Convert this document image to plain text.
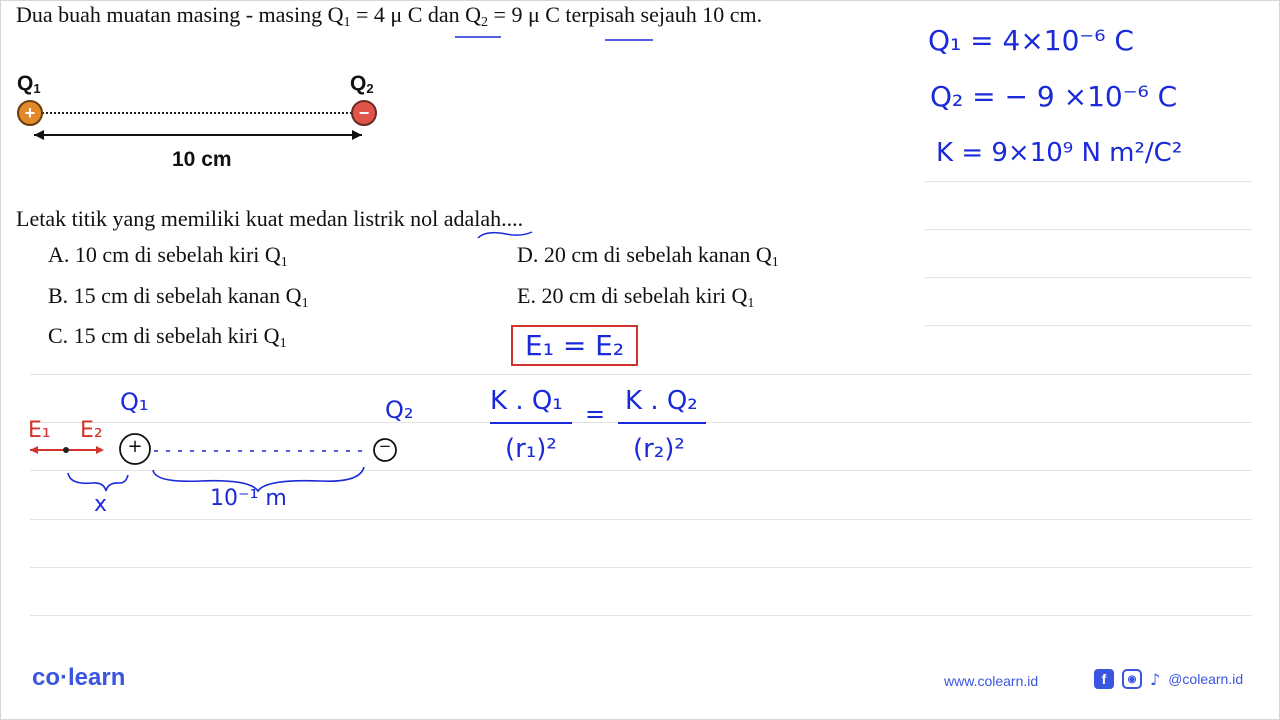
Dua buah muatan masing - masing $Q_1 = 4$ μ C dan $Q_2 = 9$ μ C terpisah sejauh 10 cm.
$Q_1$	$Q_2$
+	−
10 cm
Letak titik yang memiliki kuat medan listrik nol adalah....
A. 10 cm di sebelah kiri $Q_1$
B. 15 cm di sebelah kanan $Q_1$
C. 15 cm di sebelah kiri $Q_1$
D. 20 cm di sebelah kanan $Q_1$
E. 20 cm di sebelah kiri $Q_1$
Q₁ = 4×10⁻⁶ C
Q₂ = − 9 ×10⁻⁶ C
K = 9×10⁹ N m²/C²
E₁ = E₂
K . Q₁
(r₁)²
= K . Q₂
(r₂)²
Q₁	Q₂
E₁ E₂
+	−
x	10⁻¹ m
co·learn	www.colearn.id	f	◉ ♪ @colearn.id
